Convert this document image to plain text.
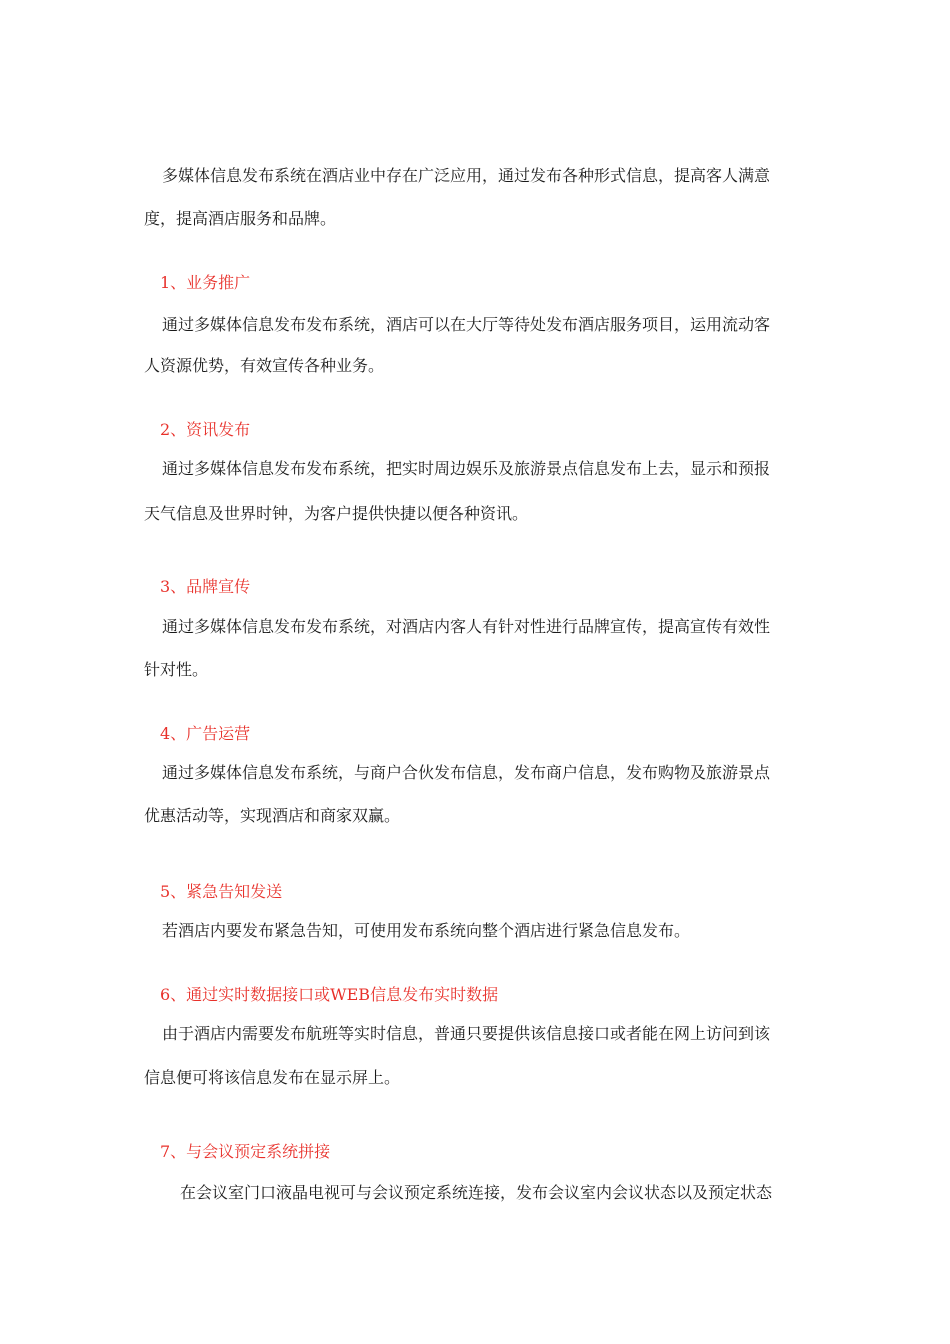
多媒体信息发布系统在酒店业中存在广泛应用，通过发布各种形式信息，提高客人满意
度，提高酒店服务和品牌。
1、业务推广
通过多媒体信息发布发布系统，酒店可以在大厅等待处发布酒店服务项目，运用流动客
人资源优势，有效宣传各种业务。
2、资讯发布
通过多媒体信息发布发布系统，把实时周边娱乐及旅游景点信息发布上去，显示和预报
天气信息及世界时钟，为客户提供快捷以便各种资讯。
3、品牌宣传
通过多媒体信息发布发布系统，对酒店内客人有针对性进行品牌宣传，提高宣传有效性
针对性。
4、广告运营
通过多媒体信息发布系统，与商户合伙发布信息，发布商户信息，发布购物及旅游景点
优惠活动等，实现酒店和商家双赢。
5、紧急告知发送
若酒店内要发布紧急告知，可使用发布系统向整个酒店进行紧急信息发布。
6、通过实时数据接口或WEB信息发布实时数据
由于酒店内需要发布航班等实时信息，普通只要提供该信息接口或者能在网上访问到该
信息便可将该信息发布在显示屏上。
7、与会议预定系统拼接
在会议室门口液晶电视可与会议预定系统连接，发布会议室内会议状态以及预定状态
